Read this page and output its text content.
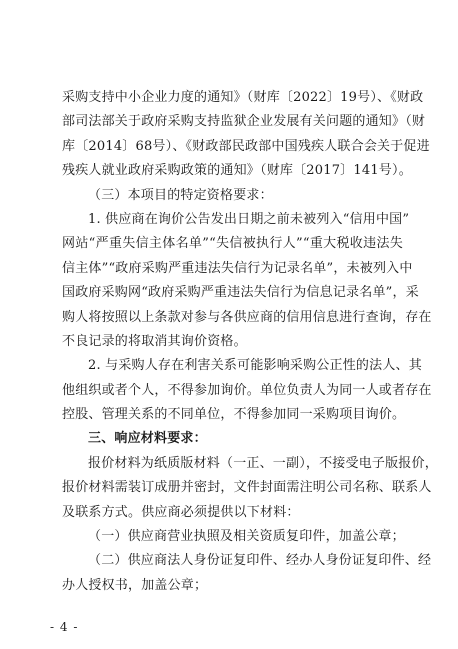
采购支持中小企业力度的通知》（财库〔2022〕19号）、《财政
部司法部关于政府采购支持监狱企业发展有关问题的通知》（财
库〔2014〕68号）、《财政部民政部中国残疾人联合会关于促进
残疾人就业政府采购政策的通知》（财库〔2017〕141号）。
（三）本项目的特定资格要求：
1. 供应商在询价公告发出日期之前未被列入“信用中国”
网站“严重失信主体名单”“失信被执行人”“重大税收违法失
信主体”“政府采购严重违法失信行为记录名单”，未被列入中
国政府采购网“政府采购严重违法失信行为信息记录名单”，采
购人将按照以上条款对参与各供应商的信用信息进行查询，存在
不良记录的将取消其询价资格。
2. 与采购人存在利害关系可能影响采购公正性的法人、其
他组织或者个人，不得参加询价。单位负责人为同一人或者存在
控股、管理关系的不同单位，不得参加同一采购项目询价。
三、响应材料要求：
报价材料为纸质版材料（一正、一副），不接受电子版报价，
报价材料需装订成册并密封，文件封面需注明公司名称、联系人
及联系方式。供应商必须提供以下材料：
（一）供应商营业执照及相关资质复印件，加盖公章；
（二）供应商法人身份证复印件、经办人身份证复印件、经
办人授权书，加盖公章；
- 4 -
